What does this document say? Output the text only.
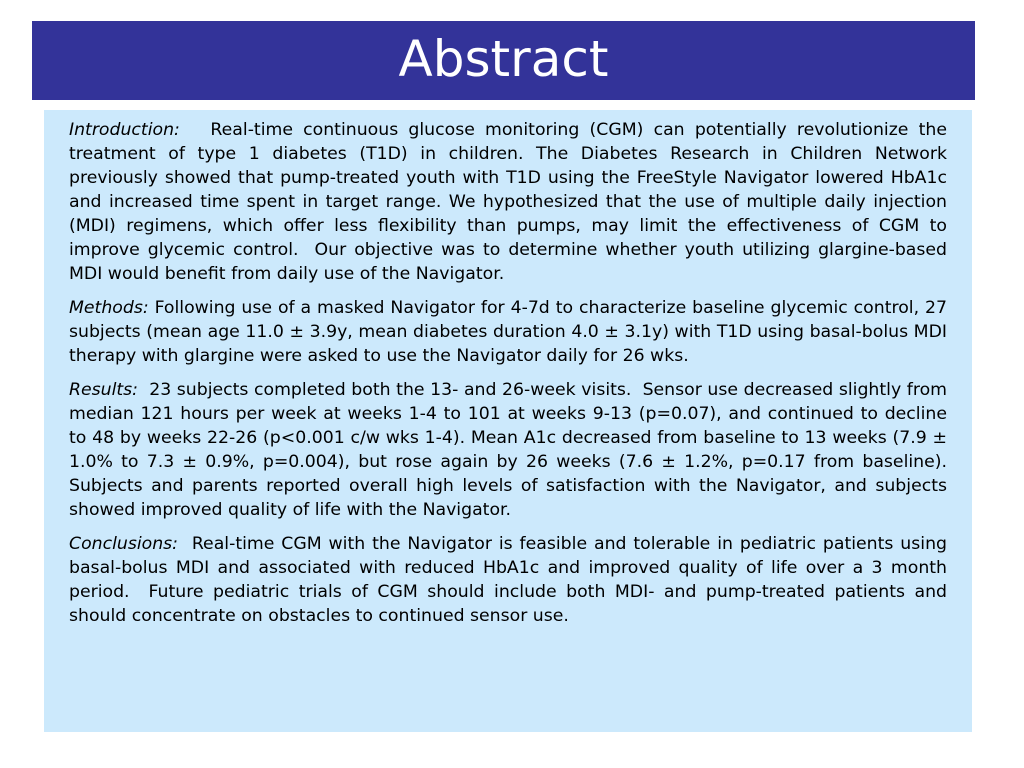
Abstract

Introduction:   Real-time continuous glucose monitoring (CGM) can potentially revolutionize the treatment of type 1 diabetes (T1D) in children. The Diabetes Research in Children Network previously showed that pump-treated youth with T1D using the FreeStyle Navigator lowered HbA1c and increased time spent in target range. We hypothesized that the use of multiple daily injection (MDI) regimens, which offer less flexibility than pumps, may limit the effectiveness of CGM to improve glycemic control.  Our objective was to determine whether youth utilizing glargine-based MDI would benefit from daily use of the Navigator.

Methods: Following use of a masked Navigator for 4-7d to characterize baseline glycemic control, 27 subjects (mean age 11.0 ± 3.9y, mean diabetes duration 4.0 ± 3.1y) with T1D using basal-bolus MDI therapy with glargine were asked to use the Navigator daily for 26 wks.

Results:  23 subjects completed both the 13- and 26-week visits.  Sensor use decreased slightly from median 121 hours per week at weeks 1-4 to 101 at weeks 9-13 (p=0.07), and continued to decline to 48 by weeks 22-26 (p<0.001 c/w wks 1-4). Mean A1c decreased from baseline to 13 weeks (7.9 ± 1.0% to 7.3 ± 0.9%, p=0.004), but rose again by 26 weeks (7.6 ± 1.2%, p=0.17 from baseline).  Subjects and parents reported overall high levels of satisfaction with the Navigator, and subjects showed improved quality of life with the Navigator.

Conclusions:  Real-time CGM with the Navigator is feasible and tolerable in pediatric patients using basal-bolus MDI and associated with reduced HbA1c and improved quality of life over a 3 month period.  Future pediatric trials of CGM should include both MDI- and pump-treated patients and should concentrate on obstacles to continued sensor use.
